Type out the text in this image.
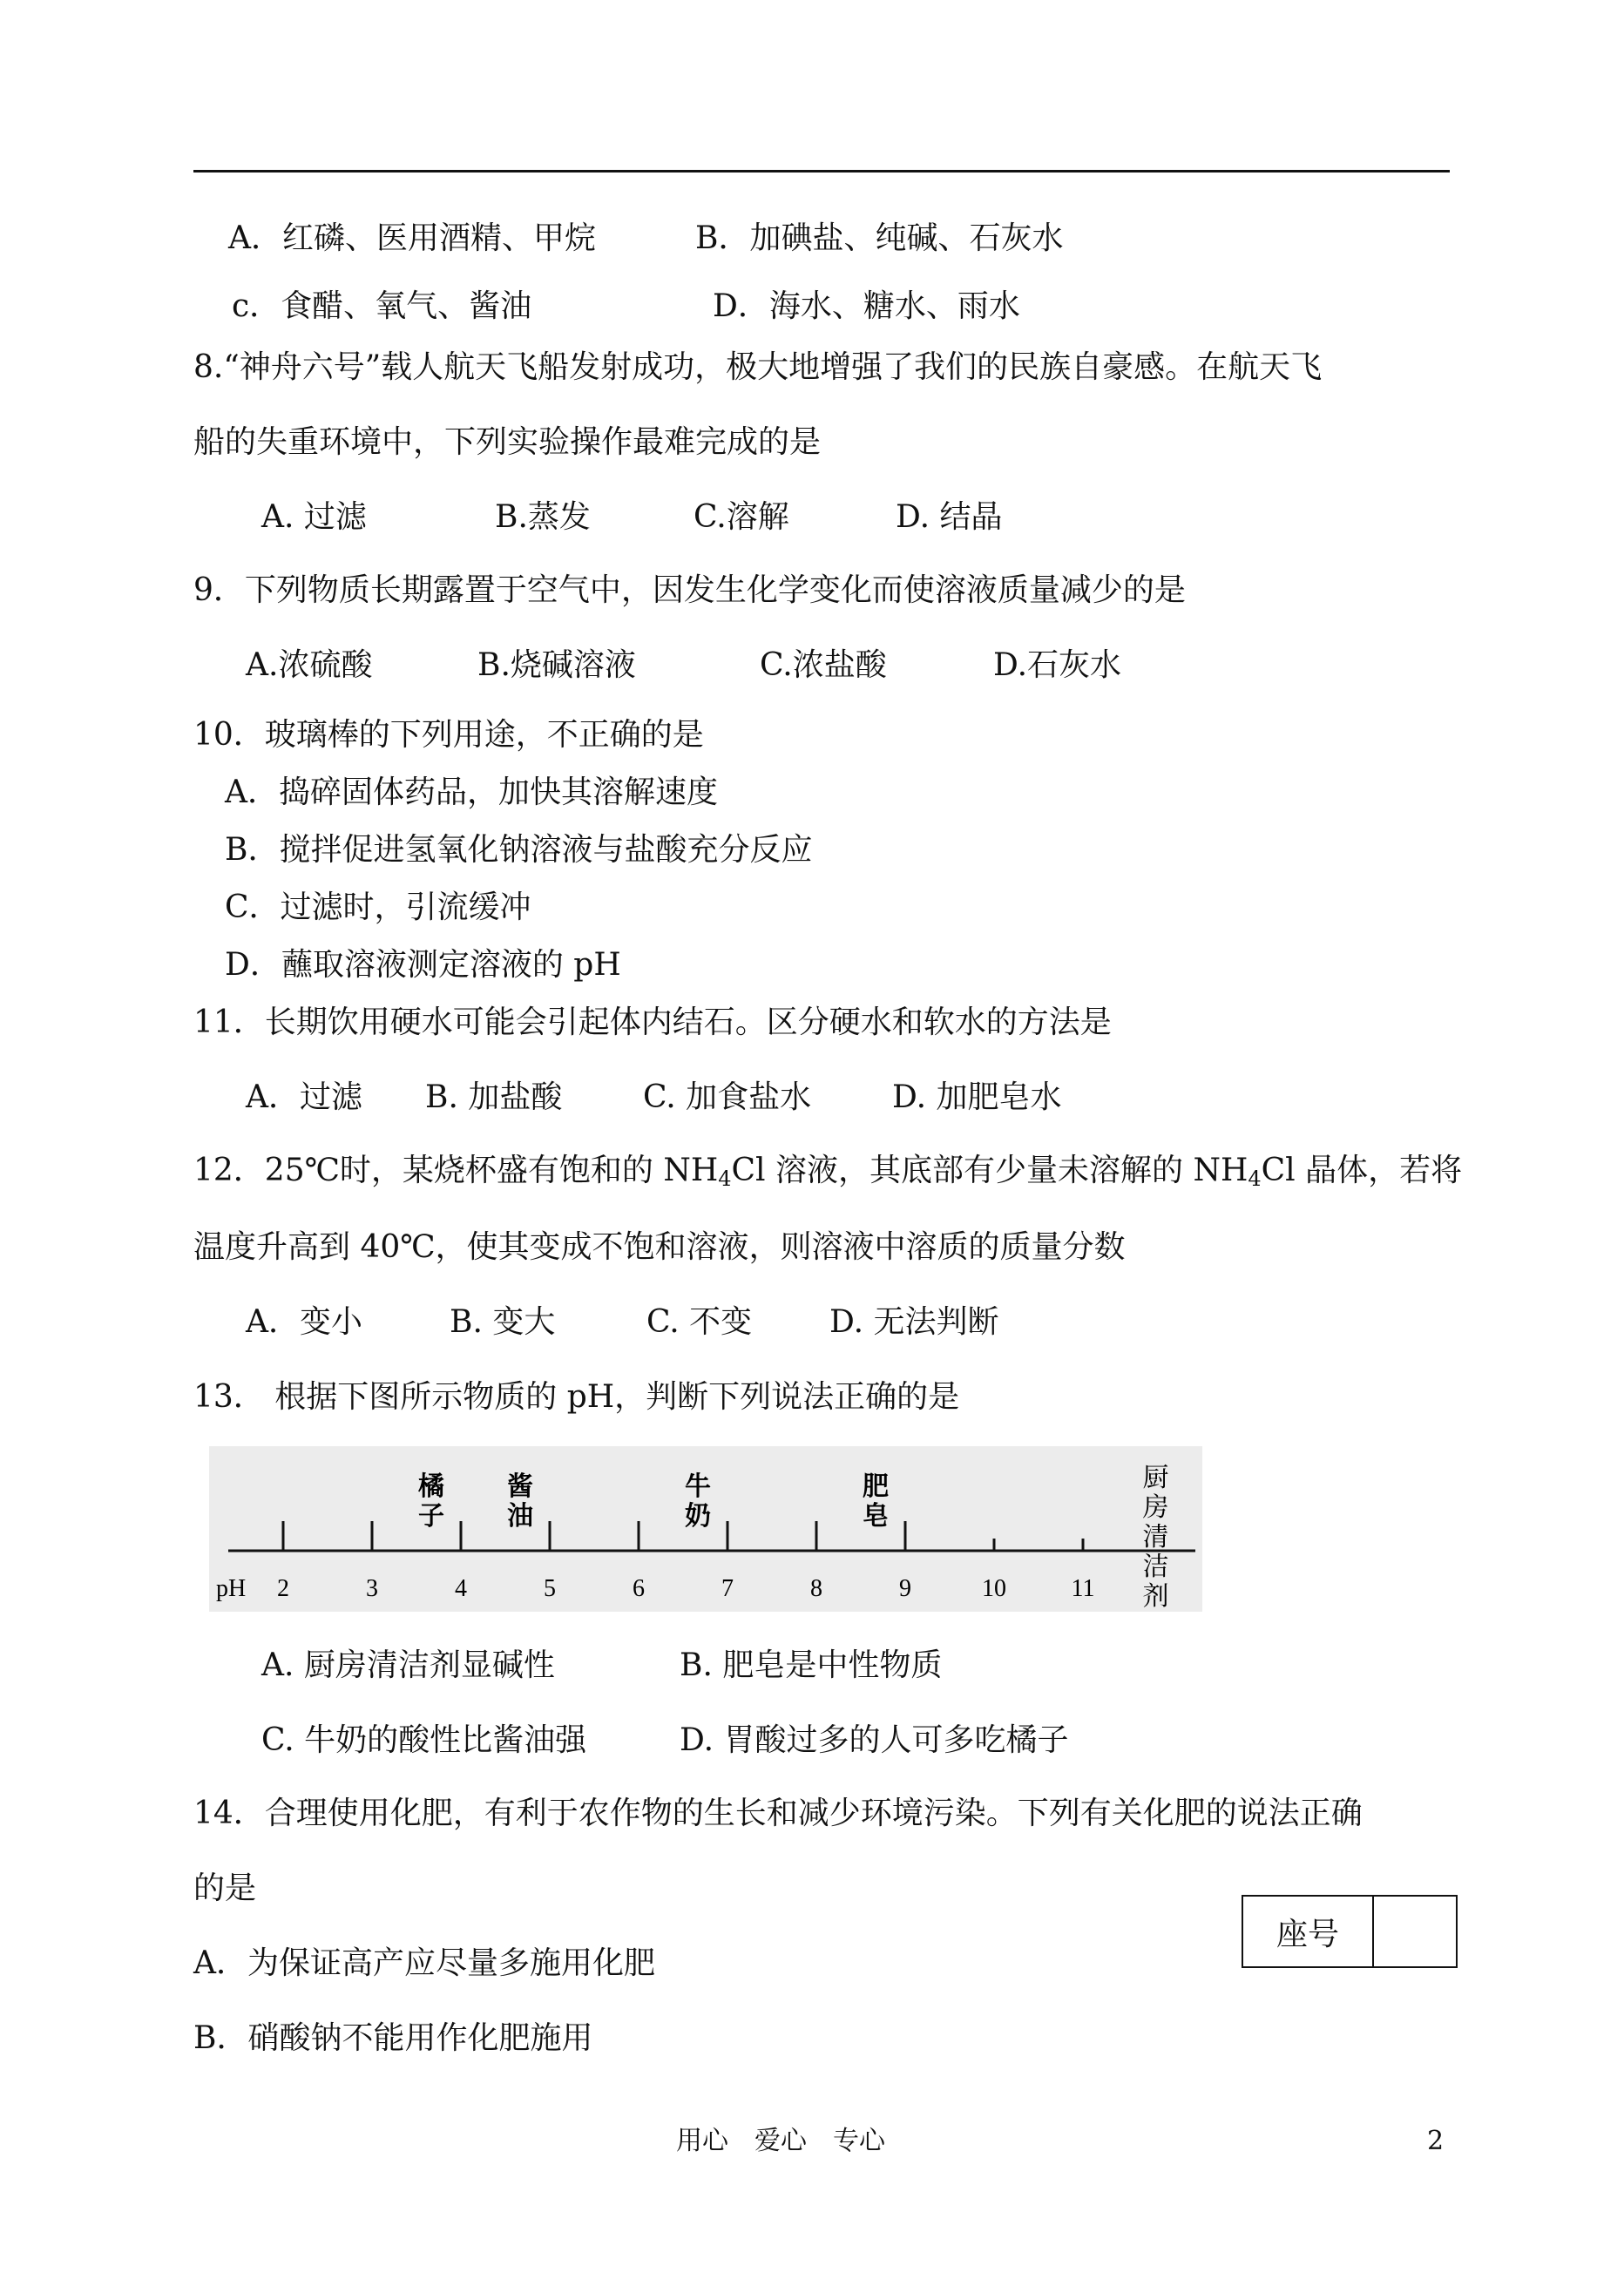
A．红磷、医用酒精、甲烷	B．加碘盐、纯碱、石灰水
c．食醋、氧气、酱油	D．海水、糖水、雨水
8.“神舟六号”载人航天飞船发射成功，极大地增强了我们的民族自豪感。在航天飞
船的失重环境中，下列实验操作最难完成的是
A. 过滤	B.蒸发	C.溶解	D. 结晶
9．下列物质长期露置于空气中，因发生化学变化而使溶液质量减少的是
A.浓硫酸	B.烧碱溶液	C.浓盐酸	D.石灰水
10．玻璃棒的下列用途，不正确的是
A．捣碎固体药品，加快其溶解速度
B．搅拌促进氢氧化钠溶液与盐酸充分反应
C．过滤时，引流缓冲
D．蘸取溶液测定溶液的 pH
11．长期饮用硬水可能会引起体内结石。区分硬水和软水的方法是
A．过滤 B. 加盐酸	C. 加食盐水	D. 加肥皂水
12．25℃时，某烧杯盛有饱和的 $NH_4Cl$ 溶液，其底部有少量未溶解的 $NH_4Cl$ 晶体，若将
温度升高到 40℃，使其变成不饱和溶液，则溶液中溶质的质量分数
A．变小	B. 变大	C. 不变 D. 无法判断
13． 根据下图所示物质的 pH，判断下列说法正确的是
pH 2	3	4	5	6	7	8	9	10	11
橘
子
酱
油
牛
奶
肥
皂
厨
房
清
洁
剂
A. 厨房清洁剂显碱性	B. 肥皂是中性物质
C. 牛奶的酸性比酱油强	D. 胃酸过多的人可多吃橘子
14．合理使用化肥，有利于农作物的生长和减少环境污染。下列有关化肥的说法正确
的是
A．为保证高产应尽量多施用化肥
B．硝酸钠不能用作化肥施用
座号
用心　爱心　专心	2
